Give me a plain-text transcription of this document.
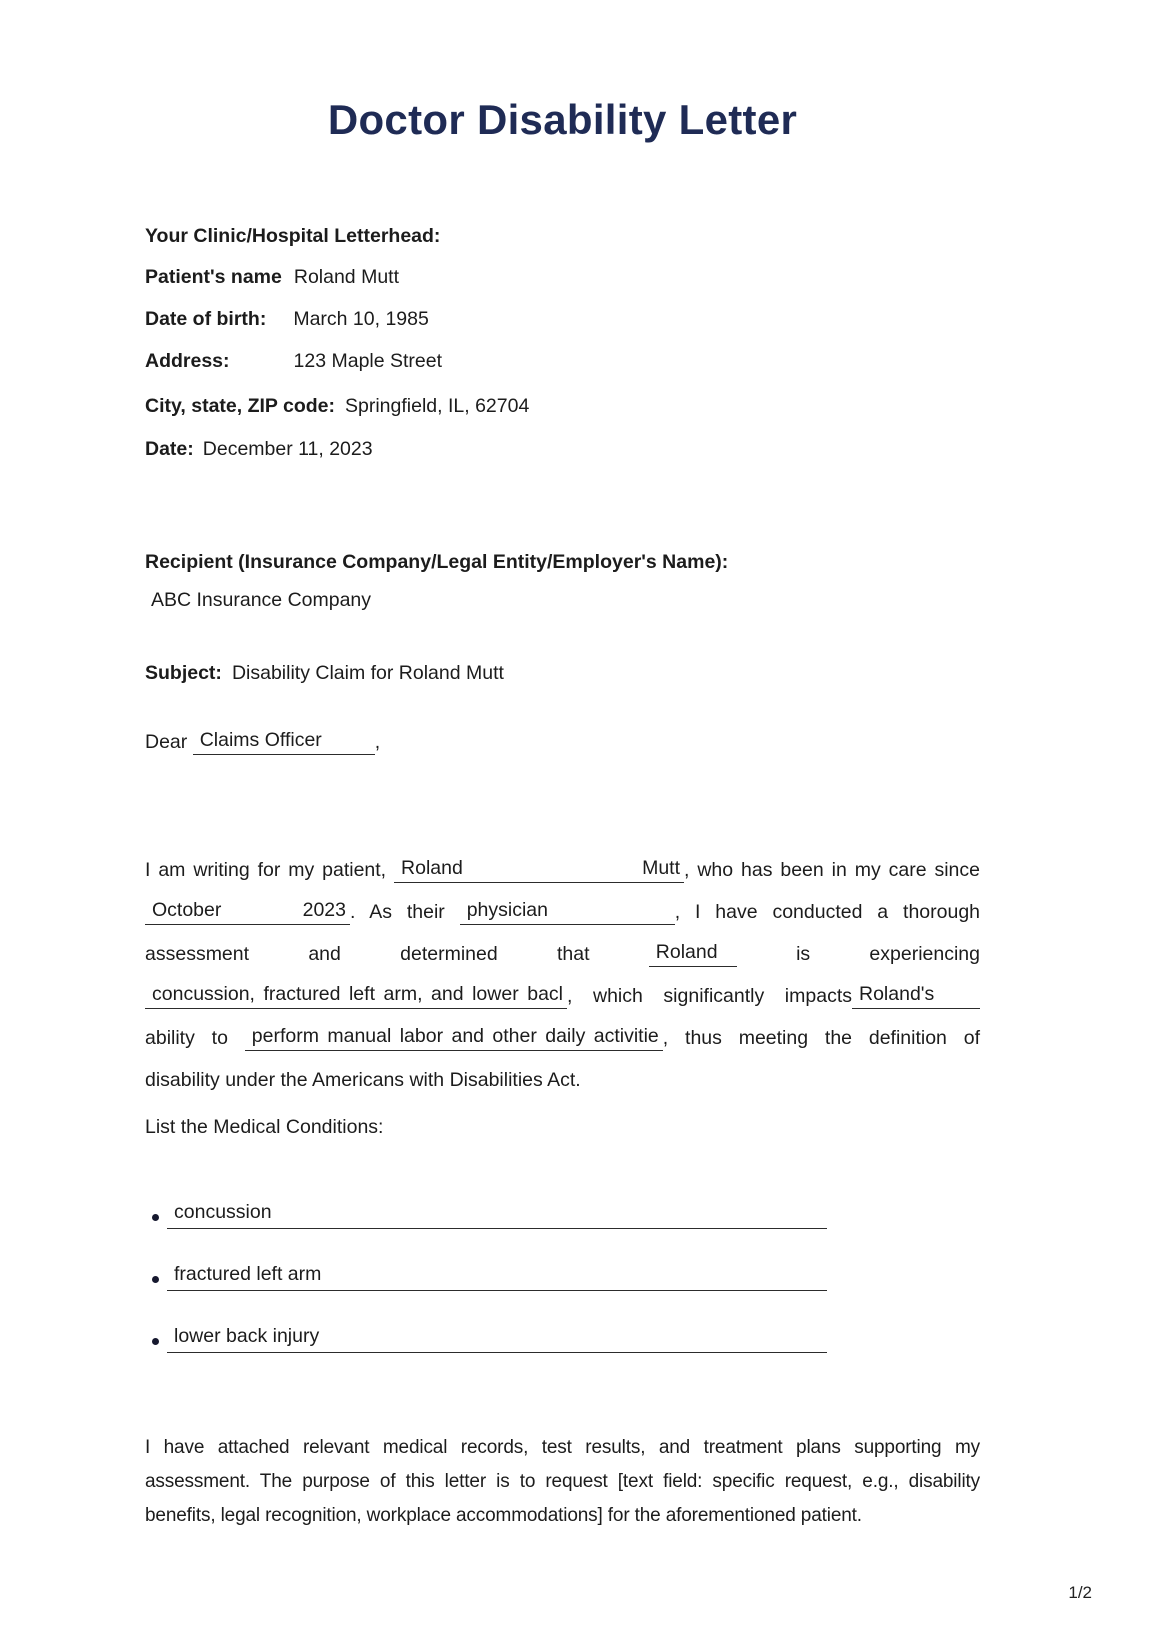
Doctor Disability Letter
Your Clinic/Hospital Letterhead:
Patient's name Roland Mutt
Date of birth: March 10, 1985
Address:	123 Maple Street
City, state, ZIP code: Springfield, IL, 62704
Date: December 11, 2023
Recipient (Insurance Company/Legal Entity/Employer's Name):
ABC Insurance Company
Subject: Disability Claim for Roland Mutt
Dear Claims Officer	,
I am writing for my patient, Roland Mutt , who has been in my care since
October 2023 . As their physician	, I have conducted a thorough
assessment and determined that	Roland	is experiencing
concussion, fractured left arm, and lower bacl , which significantly impacts Roland's
ability to perform manual labor and other daily activitie , thus meeting the definition of
disability under the Americans with Disabilities Act.
List the Medical Conditions:
concussion
fractured left arm
lower back injury
I have attached relevant medical records, test results, and treatment plans supporting my
assessment. The purpose of this letter is to request [text field: specific request, e.g., disability
benefits, legal recognition, workplace accommodations] for the aforementioned patient.
1/2
